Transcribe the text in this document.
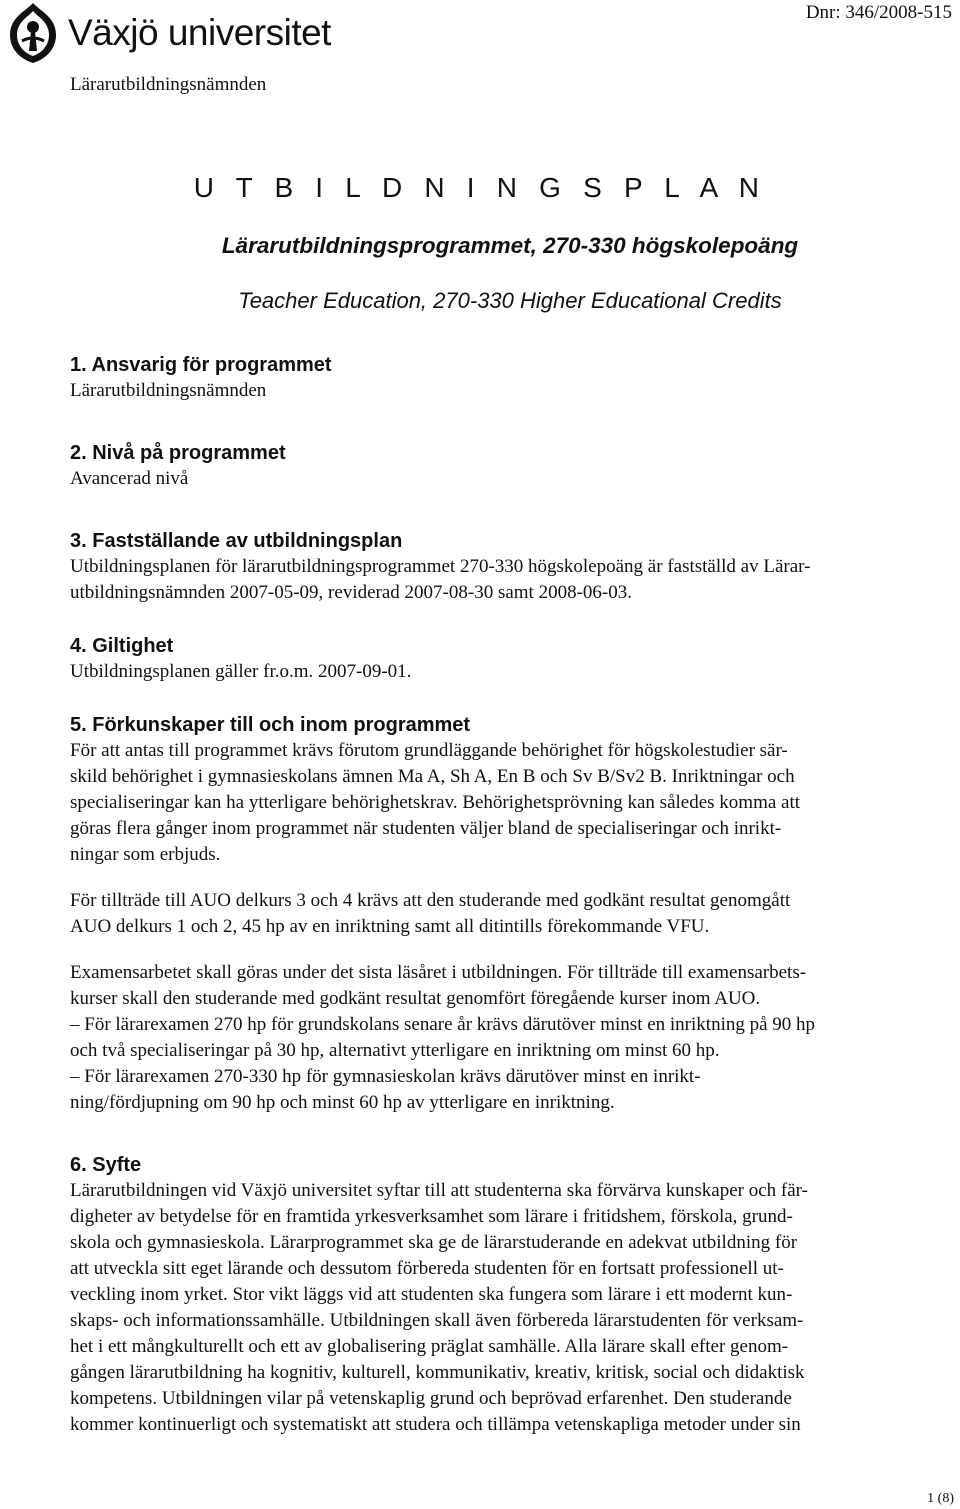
Växjö universitet	Dnr: 346/2008-515
Lärarutbildningsnämnden
U T B I L D N I N G S P L A N
Lärarutbildningsprogrammet, 270-330 högskolepoäng
Teacher Education, 270-330 Higher Educational Credits

1. Ansvarig för programmet

Lärarutbildningsnämnden

2. Nivå på programmet

Avancerad nivå

3. Fastställande av utbildningsplan

Utbildningsplanen för lärarutbildningsprogrammet 270-330 högskolepoäng är fastställd av Lärar-

utbildningsnämnden 2007-05-09, reviderad 2007-08-30 samt 2008-06-03.

4. Giltighet

Utbildningsplanen gäller fr.o.m. 2007-09-01.

5. Förkunskaper till och inom programmet

För att antas till programmet krävs förutom grundläggande behörighet för högskolestudier sär-

skild behörighet i gymnasieskolans ämnen Ma A, Sh A, En B och Sv B/Sv2 B. Inriktningar och

specialiseringar kan ha ytterligare behörighetskrav. Behörighetsprövning kan således komma att

göras flera gånger inom programmet när studenten väljer bland de specialiseringar och inrikt-

ningar som erbjuds.

För tillträde till AUO delkurs 3 och 4 krävs att den studerande med godkänt resultat genomgått

AUO delkurs 1 och 2, 45 hp av en inriktning samt all ditintills förekommande VFU.

Examensarbetet skall göras under det sista läsåret i utbildningen. För tillträde till examensarbets-

kurser skall den studerande med godkänt resultat genomfört föregående kurser inom AUO.

– För lärarexamen 270 hp för grundskolans senare år krävs därutöver minst en inriktning på 90 hp

och två specialiseringar på 30 hp, alternativt ytterligare en inriktning om minst 60 hp.

– För lärarexamen 270-330 hp för gymnasieskolan krävs därutöver minst en inrikt-

ning/fördjupning om 90 hp och minst 60 hp av ytterligare en inriktning.

6. Syfte

Lärarutbildningen vid Växjö universitet syftar till att studenterna ska förvärva kunskaper och fär-

digheter av betydelse för en framtida yrkesverksamhet som lärare i fritidshem, förskola, grund-

skola och gymnasieskola. Lärarprogrammet ska ge de lärarstuderande en adekvat utbildning för

att utveckla sitt eget lärande och dessutom förbereda studenten för en fortsatt professionell ut-

veckling inom yrket. Stor vikt läggs vid att studenten ska fungera som lärare i ett modernt kun-

skaps- och informationssamhälle. Utbildningen skall även förbereda lärarstudenten för verksam-

het i ett mångkulturellt och ett av globalisering präglat samhälle. Alla lärare skall efter genom-

gången lärarutbildning ha kognitiv, kulturell, kommunikativ, kreativ, kritisk, social och didaktisk

kompetens. Utbildningen vilar på vetenskaplig grund och beprövad erfarenhet. Den studerande

kommer kontinuerligt och systematiskt att studera och tillämpa vetenskapliga metoder under sin

1 (8)
